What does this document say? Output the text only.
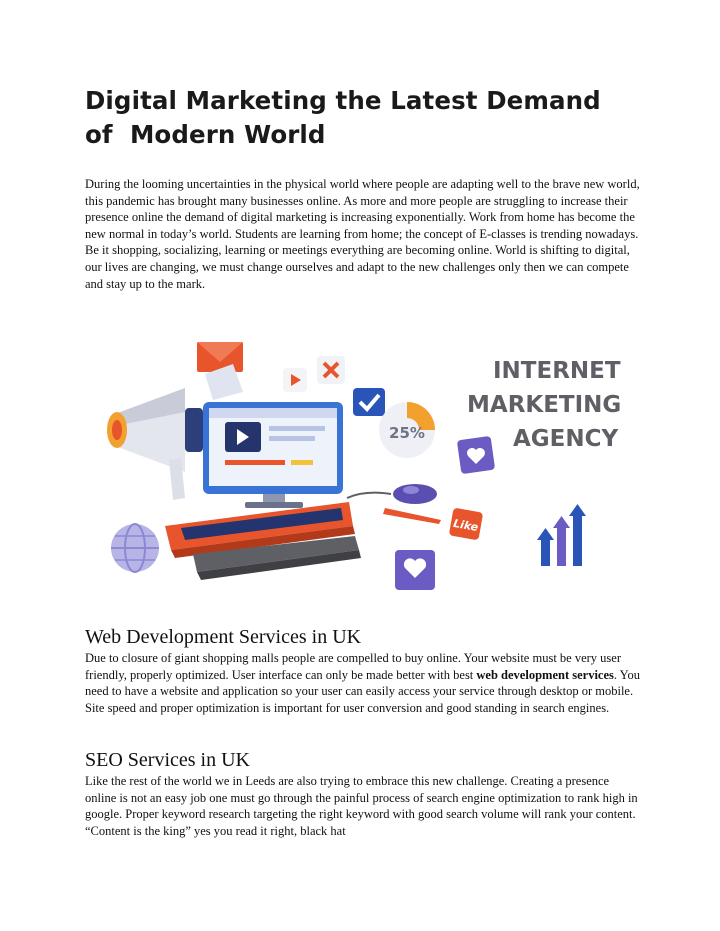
Digital Marketing the Latest Demand
of  Modern World

During the looming uncertainties in the physical world where people are adapting well to the brave new world, this pandemic has brought many businesses online. As more and more people are struggling to increase their presence online the demand of digital marketing is increasing exponentially. Work from home has become the new normal in today’s world. Students are learning from home; the concept of E-classes is trending nowadays. Be it shopping, socializing, learning or meetings everything are becoming online. World is shifting to digital, our lives are changing, we must change ourselves and adapt to the new challenges only then we can compete and stay up to the mark.

25%
Like
INTERNET
MARKETING
AGENCY
Web Development Services in UK

Due to closure of giant shopping malls people are compelled to buy online. Your website must be very user friendly, properly optimized. User interface can only be made better with best web development services. You need to have a website and application so your user can easily access your service through desktop or mobile. Site speed and proper optimization is important for user conversion and good standing in search engines.

SEO Services in UK

Like the rest of the world we in Leeds are also trying to embrace this new challenge. Creating a presence online is not an easy job one must go through the painful process of search engine optimization to rank high in google. Proper keyword research targeting the right keyword with good search volume will rank your content. “Content is the king” yes you read it right, black hat
